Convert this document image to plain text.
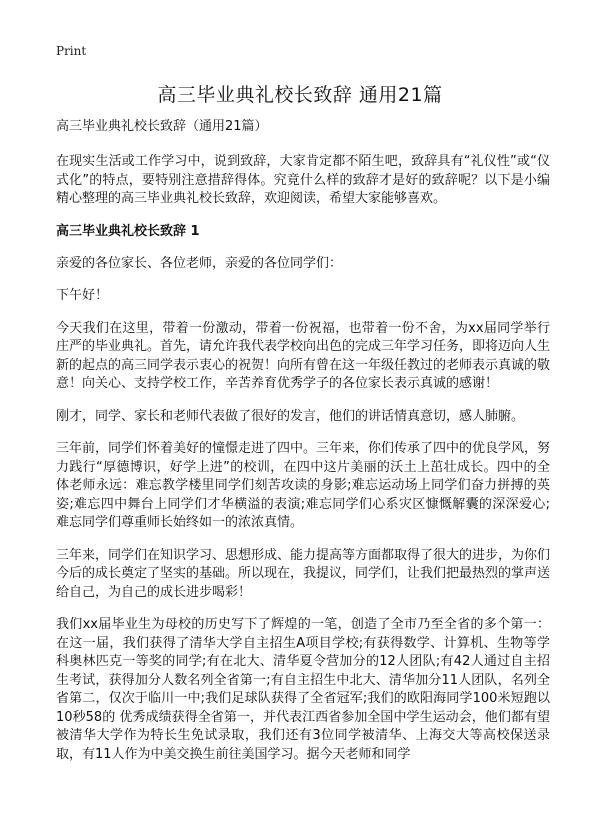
Print
高三毕业典礼校长致辞 通用21篇

高三毕业典礼校长致辞（通用21篇）

在现实生活或工作学习中，说到致辞，大家肯定都不陌生吧，致辞具有“礼仪性”或“仪式化”的特点，要特别注意措辞得体。究竟什么样的致辞才是好的致辞呢？以下是小编精心整理的高三毕业典礼校长致辞，欢迎阅读，希望大家能够喜欢。

高三毕业典礼校长致辞 1

亲爱的各位家长、各位老师，亲爱的各位同学们：

下午好！

今天我们在这里，带着一份激动，带着一份祝福，也带着一份不舍，为xx届同学举行庄严的毕业典礼。首先，请允许我代表学校向出色的完成三年学习任务，即将迈向人生新的起点的高三同学表示衷心的祝贺！向所有曾在这一年级任教过的老师表示真诚的敬意！向关心、支持学校工作，辛苦养育优秀学子的各位家长表示真诚的感谢！

刚才，同学、家长和老师代表做了很好的发言，他们的讲话情真意切，感人肺腑。

三年前，同学们怀着美好的憧憬走进了四中。三年来，你们传承了四中的优良学风，努力践行“厚德博识，好学上进”的校训，在四中这片美丽的沃土上茁壮成长。四中的全体老师永远：难忘教学楼里同学们刻苦攻读的身影;难忘运动场上同学们奋力拼搏的英姿;难忘四中舞台上同学们才华横溢的表演;难忘同学们心系灾区慷慨解囊的深深爱心;难忘同学们尊重师长始终如一的浓浓真情。

三年来，同学们在知识学习、思想形成、能力提高等方面都取得了很大的进步，为你们今后的成长奠定了坚实的基础。所以现在，我提议，同学们，让我们把最热烈的掌声送给自己，为自己的成长进步喝彩！

我们xx届毕业生为母校的历史写下了辉煌的一笔，创造了全市乃至全省的多个第一：在这一届，我们获得了清华大学自主招生A项目学校;有获得数学、计算机、生物等学科奥林匹克一等奖的同学;有在北大、清华夏令营加分的12人团队;有42人通过自主招生考试，获得加分人数名列全省第一;有自主招生中北大、清华加分11人团队，名列全省第二，仅次于临川一中;我们足球队获得了全省冠军;我们的欧阳海同学100米短跑以10秒58的 优秀成绩获得全省第一，并代表江西省参加全国中学生运动会，他们都有望被清华大学作为特长生免试录取，我们还有3位同学被清华、上海交大等高校保送录取，有11人作为中美交换生前往美国学习。据今天老师和同学
